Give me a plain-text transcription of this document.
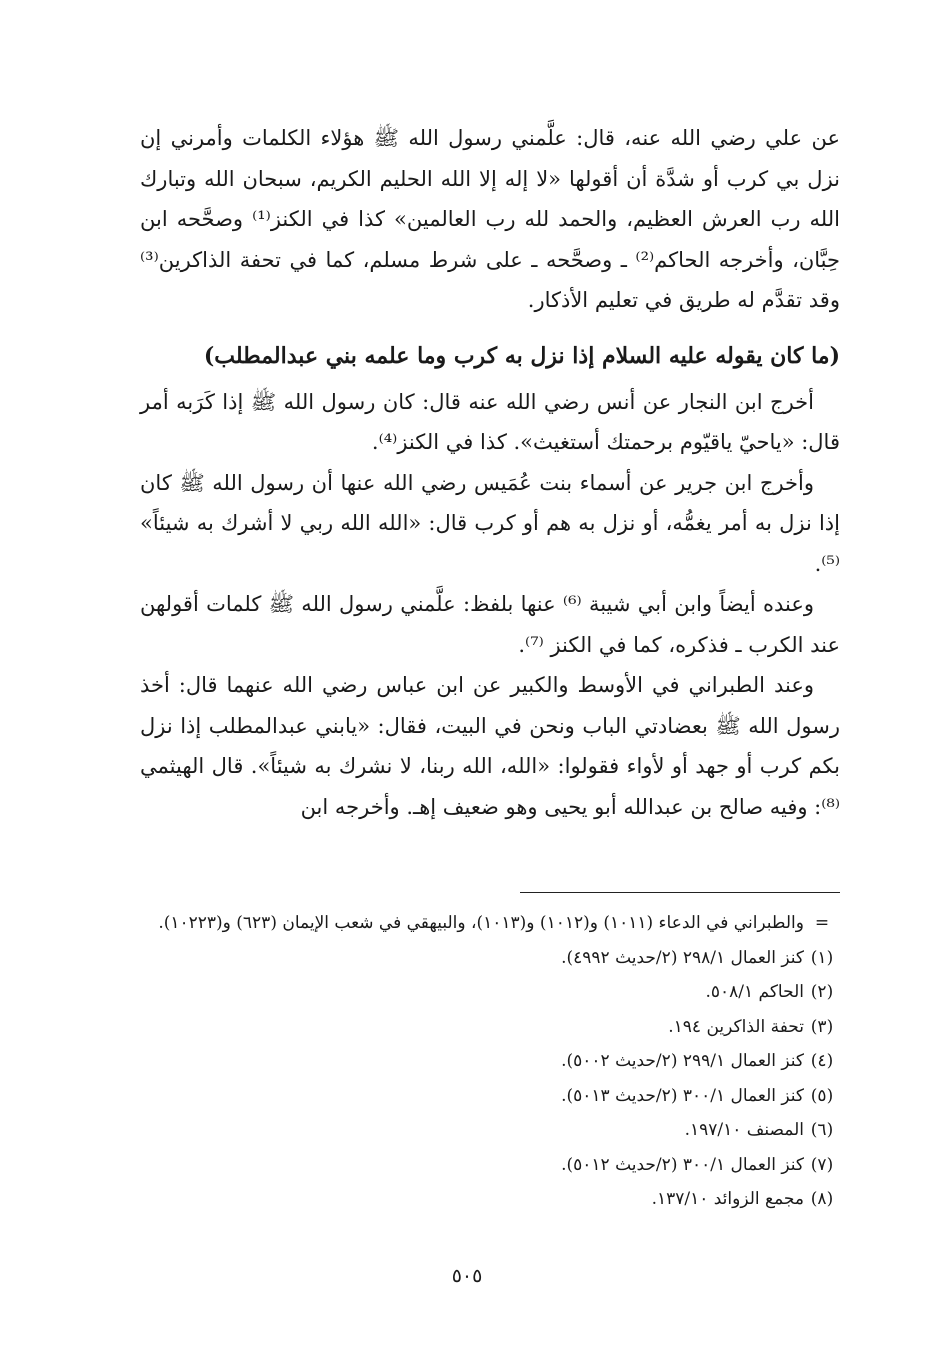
عن علي رضي الله عنه، قال: علَّمني رسول الله ﷺ هؤلاء الكلمات وأمرني إن نزل بي كرب أو شدَّة أن أقولها «لا إله إلا الله الحليم الكريم، سبحان الله وتبارك الله رب العرش العظيم، والحمد لله رب العالمين» كذا في الكنز⁽¹⁾ وصحَّحه ابن حِبَّان، وأخرجه الحاكم⁽²⁾ ـ وصحَّحه ـ على شرط مسلم، كما في تحفة الذاكرين⁽³⁾ وقد تقدَّم له طريق في تعليم الأذكار.

(ما كان يقوله عليه السلام إذا نزل به كرب وما علمه بني عبدالمطلب)

أخرج ابن النجار عن أنس رضي الله عنه قال: كان رسول الله ﷺ إذا كَرَبه أمر قال: «ياحيّ ياقيّوم برحمتك أستغيث». كذا في الكنز⁽⁴⁾.

وأخرج ابن جرير عن أسماء بنت عُمَيس رضي الله عنها أن رسول الله ﷺ كان إذا نزل به أمر يغمُّه، أو نزل به هم أو كرب قال: «الله الله ربي لا أشرك به شيئاً» ⁽⁵⁾.

وعنده أيضاً وابن أبي شيبة ⁽⁶⁾ عنها بلفظ: علَّمني رسول الله ﷺ كلمات أقولهن عند الكرب ـ فذكره، كما في الكنز ⁽⁷⁾.

وعند الطبراني في الأوسط والكبير عن ابن عباس رضي الله عنهما قال: أخذ رسول الله ﷺ بعضادتي الباب ونحن في البيت، فقال: «يابني عبدالمطلب إذا نزل بكم كرب أو جهد أو لأواء فقولوا: «الله، الله ربنا، لا نشرك به شيئاً». قال الهيثمي ⁽⁸⁾: وفيه صالح بن عبدالله أبو يحيى وهو ضعيف إهـ. وأخرجه ابن

=
والطبراني في الدعاء (١٠١١) و(١٠١٢) و(١٠١٣)، والبيهقي في شعب الإيمان (٦٢٣) و(١٠٢٢٣).
(١)
كنز العمال ٢٩٨/١ (٢/حديث ٤٩٩٢).
(٢)
الحاكم ٥٠٨/١.
(٣)
تحفة الذاكرين ١٩٤.
(٤)
كنز العمال ٢٩٩/١ (٢/حديث ٥٠٠٢).
(٥)
كنز العمال ٣٠٠/١ (٢/حديث ٥٠١٣).
(٦)
المصنف ١٩٧/١٠.
(٧)
كنز العمال ٣٠٠/١ (٢/حديث ٥٠١٢).
(٨)
مجمع الزوائد ١٣٧/١٠.
٥٠٥
